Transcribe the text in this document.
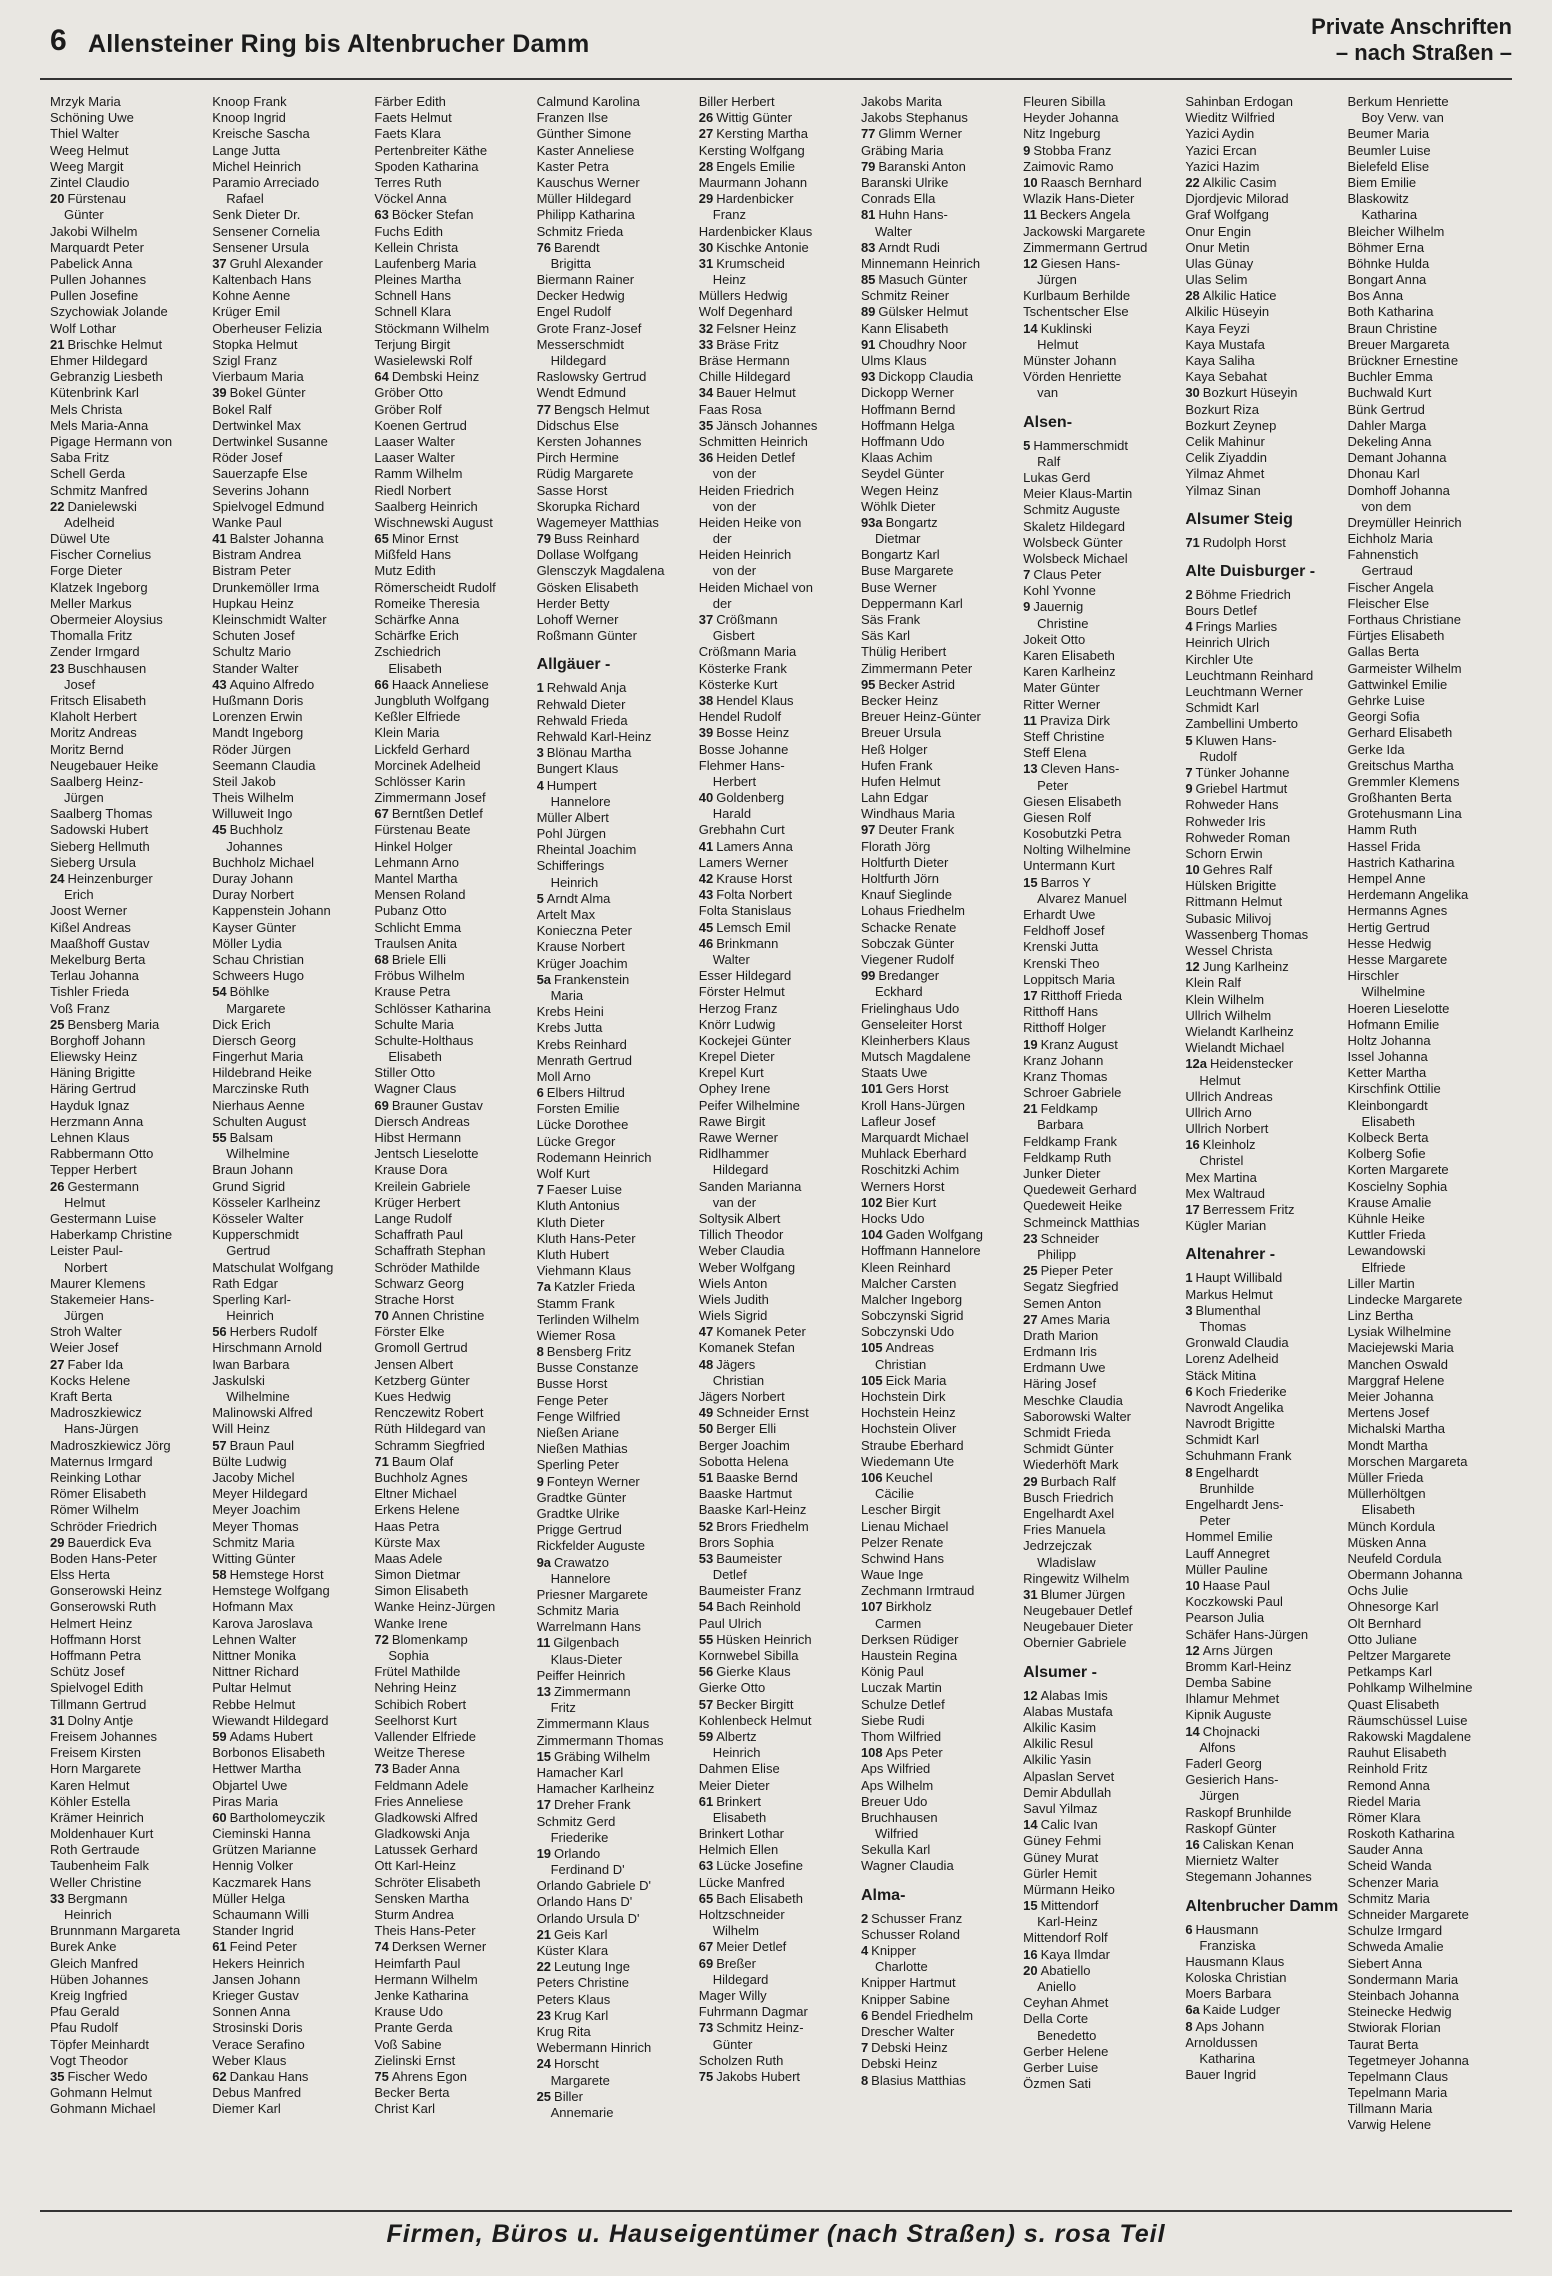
6 Allensteiner Ring bis Altenbrucher Damm
Private Anschriften
– nach Straßen –
Mrzyk Maria
Schöning Uwe
Thiel Walter
Weeg Helmut
Weeg Margit
Zintel Claudio
20 Fürstenau
Günter
Jakobi Wilhelm
Marquardt Peter
Pabelick Anna
Pullen Johannes
Pullen Josefine
Szychowiak Jolande
Wolf Lothar
21 Brischke Helmut
Ehmer Hildegard
Gebranzig Liesbeth
Kütenbrink Karl
Mels Christa
Mels Maria-Anna
Pigage Hermann von
Saba Fritz
Schell Gerda
Schmitz Manfred
22 Danielewski
Adelheid
Düwel Ute
Fischer Cornelius
Forge Dieter
Klatzek Ingeborg
Meller Markus
Obermeier Aloysius
Thomalla Fritz
Zender Irmgard
23 Buschhausen
Josef
Fritsch Elisabeth
Klaholt Herbert
Moritz Andreas
Moritz Bernd
Neugebauer Heike
Saalberg Heinz-
Jürgen
Saalberg Thomas
Sadowski Hubert
Sieberg Hellmuth
Sieberg Ursula
24 Heinzenburger
Erich
Joost Werner
Kißel Andreas
Maaßhoff Gustav
Mekelburg Berta
Terlau Johanna
Tishler Frieda
Voß Franz
25 Bensberg Maria
Borghoff Johann
Eliewsky Heinz
Häning Brigitte
Häring Gertrud
Hayduk Ignaz
Herzmann Anna
Lehnen Klaus
Rabbermann Otto
Tepper Herbert
26 Gestermann
Helmut
Gestermann Luise
Haberkamp Christine
Leister Paul-
Norbert
Maurer Klemens
Stakemeier Hans-
Jürgen
Stroh Walter
Weier Josef
27 Faber Ida
Kocks Helene
Kraft Berta
Madroszkiewicz
Hans-Jürgen
Madroszkiewicz Jörg
Maternus Irmgard
Reinking Lothar
Römer Elisabeth
Römer Wilhelm
Schröder Friedrich
29 Bauerdick Eva
Boden Hans-Peter
Elss Herta
Gonserowski Heinz
Gonserowski Ruth
Helmert Heinz
Hoffmann Horst
Hoffmann Petra
Schütz Josef
Spielvogel Edith
Tillmann Gertrud
31 Dolny Antje
Freisem Johannes
Freisem Kirsten
Horn Margarete
Karen Helmut
Köhler Estella
Krämer Heinrich
Moldenhauer Kurt
Roth Gertraude
Taubenheim Falk
Weller Christine
33 Bergmann
Heinrich
Brunnmann Margareta
Burek Anke
Gleich Manfred
Hüben Johannes
Kreig Ingfried
Pfau Gerald
Pfau Rudolf
Töpfer Meinhardt
Vogt Theodor
35 Fischer Wedo
Gohmann Helmut
Gohmann Michael
Knoop Frank
Knoop Ingrid
Kreische Sascha
Lange Jutta
Michel Heinrich
Paramio Arreciado
Rafael
Senk Dieter Dr.
Sensener Cornelia
Sensener Ursula
37 Gruhl Alexander
Kaltenbach Hans
Kohne Aenne
Krüger Emil
Oberheuser Felizia
Stopka Helmut
Szigl Franz
Vierbaum Maria
39 Bokel Günter
Bokel Ralf
Dertwinkel Max
Dertwinkel Susanne
Röder Josef
Sauerzapfe Else
Severins Johann
Spielvogel Edmund
Wanke Paul
41 Balster Johanna
Bistram Andrea
Bistram Peter
Drunkemöller Irma
Hupkau Heinz
Kleinschmidt Walter
Schuten Josef
Schultz Mario
Stander Walter
43 Aquino Alfredo
Hußmann Doris
Lorenzen Erwin
Mandt Ingeborg
Röder Jürgen
Seemann Claudia
Steil Jakob
Theis Wilhelm
Willuweit Ingo
45 Buchholz
Johannes
Buchholz Michael
Duray Johann
Duray Norbert
Kappenstein Johann
Kayser Günter
Möller Lydia
Schau Christian
Schweers Hugo
54 Böhlke
Margarete
Dick Erich
Diersch Georg
Fingerhut Maria
Hildebrand Heike
Marczinske Ruth
Nierhaus Aenne
Schulten August
55 Balsam
Wilhelmine
Braun Johann
Grund Sigrid
Kösseler Karlheinz
Kösseler Walter
Kupperschmidt
Gertrud
Matschulat Wolfgang
Rath Edgar
Sperling Karl-
Heinrich
56 Herbers Rudolf
Hirschmann Arnold
Iwan Barbara
Jaskulski
Wilhelmine
Malinowski Alfred
Will Heinz
57 Braun Paul
Bülte Ludwig
Jacoby Michel
Meyer Hildegard
Meyer Joachim
Meyer Thomas
Schmitz Maria
Witting Günter
58 Hemstege Horst
Hemstege Wolfgang
Hofmann Max
Karova Jaroslava
Lehnen Walter
Nittner Monika
Nittner Richard
Pultar Helmut
Rebbe Helmut
Wiewandt Hildegard
59 Adams Hubert
Borbonos Elisabeth
Hettwer Martha
Objartel Uwe
Piras Maria
60 Bartholomeyczik
Cieminski Hanna
Grützen Marianne
Hennig Volker
Kaczmarek Hans
Müller Helga
Schaumann Willi
Stander Ingrid
61 Feind Peter
Hekers Heinrich
Jansen Johann
Krieger Gustav
Sonnen Anna
Strosinski Doris
Verace Serafino
Weber Klaus
62 Dankau Hans
Debus Manfred
Diemer Karl
Färber Edith
Faets Helmut
Faets Klara
Pertenbreiter Käthe
Spoden Katharina
Terres Ruth
Vöckel Anna
63 Böcker Stefan
Fuchs Edith
Kellein Christa
Laufenberg Maria
Pleines Martha
Schnell Hans
Schnell Klara
Stöckmann Wilhelm
Terjung Birgit
Wasielewski Rolf
64 Dembski Heinz
Gröber Otto
Gröber Rolf
Koenen Gertrud
Laaser Walter
Laaser Walter
Ramm Wilhelm
Riedl Norbert
Saalberg Heinrich
Wischnewski August
65 Minor Ernst
Mißfeld Hans
Mutz Edith
Römerscheidt Rudolf
Romeike Theresia
Schärfke Anna
Schärfke Erich
Zschiedrich
Elisabeth
66 Haack Anneliese
Jungbluth Wolfgang
Keßler Elfriede
Klein Maria
Lickfeld Gerhard
Morcinek Adelheid
Schlösser Karin
Zimmermann Josef
67 Berntßen Detlef
Fürstenau Beate
Hinkel Holger
Lehmann Arno
Mantel Martha
Mensen Roland
Pubanz Otto
Schlicht Emma
Traulsen Anita
68 Briele Elli
Fröbus Wilhelm
Krause Petra
Schlösser Katharina
Schulte Maria
Schulte-Holthaus
Elisabeth
Stiller Otto
Wagner Claus
69 Brauner Gustav
Diersch Andreas
Hibst Hermann
Jentsch Lieselotte
Krause Dora
Kreilein Gabriele
Krüger Herbert
Lange Rudolf
Schaffrath Paul
Schaffrath Stephan
Schröder Mathilde
Schwarz Georg
Strache Horst
70 Annen Christine
Förster Elke
Gromoll Gertrud
Jensen Albert
Ketzberg Günter
Kues Hedwig
Renczewitz Robert
Rüth Hildegard van
Schramm Siegfried
71 Baum Olaf
Buchholz Agnes
Eltner Michael
Erkens Helene
Haas Petra
Kürste Max
Maas Adele
Simon Dietmar
Simon Elisabeth
Wanke Heinz-Jürgen
Wanke Irene
72 Blomenkamp
Sophia
Frütel Mathilde
Nehring Heinz
Schibich Robert
Seelhorst Kurt
Vallender Elfriede
Weitze Therese
73 Bader Anna
Feldmann Adele
Fries Anneliese
Gladkowski Alfred
Gladkowski Anja
Latussek Gerhard
Ott Karl-Heinz
Schröter Elisabeth
Sensken Martha
Sturm Andrea
Theis Hans-Peter
74 Derksen Werner
Heimfarth Paul
Hermann Wilhelm
Jenke Katharina
Krause Udo
Prante Gerda
Voß Sabine
Zielinski Ernst
75 Ahrens Egon
Becker Berta
Christ Karl
Calmund Karolina
Franzen Ilse
Günther Simone
Kaster Anneliese
Kaster Petra
Kauschus Werner
Müller Hildegard
Philipp Katharina
Schmitz Frieda
76 Barendt
Brigitta
Biermann Rainer
Decker Hedwig
Engel Rudolf
Grote Franz-Josef
Messerschmidt
Hildegard
Raslowsky Gertrud
Wendt Edmund
77 Bengsch Helmut
Didschus Else
Kersten Johannes
Pirch Hermine
Rüdig Margarete
Sasse Horst
Skorupka Richard
Wagemeyer Matthias
79 Buss Reinhard
Dollase Wolfgang
Glensczyk Magdalena
Gösken Elisabeth
Herder Betty
Lohoff Werner
Roßmann Günter
Allgäuer -
1 Rehwald Anja
Rehwald Dieter
Rehwald Frieda
Rehwald Karl-Heinz
3 Blönau Martha
Bungert Klaus
4 Humpert
Hannelore
Müller Albert
Pohl Jürgen
Rheintal Joachim
Schifferings
Heinrich
5 Arndt Alma
Artelt Max
Konieczna Peter
Krause Norbert
Krüger Joachim
5a Frankenstein
Maria
Krebs Heini
Krebs Jutta
Krebs Reinhard
Menrath Gertrud
Moll Arno
6 Elbers Hiltrud
Forsten Emilie
Lücke Dorothee
Lücke Gregor
Rodemann Heinrich
Wolf Kurt
7 Faeser Luise
Kluth Antonius
Kluth Dieter
Kluth Hans-Peter
Kluth Hubert
Viehmann Klaus
7a Katzler Frieda
Stamm Frank
Terlinden Wilhelm
Wiemer Rosa
8 Bensberg Fritz
Busse Constanze
Busse Horst
Fenge Peter
Fenge Wilfried
Nießen Ariane
Nießen Mathias
Sperling Peter
9 Fonteyn Werner
Gradtke Günter
Gradtke Ulrike
Prigge Gertrud
Rickfelder Auguste
9a Crawatzo
Hannelore
Priesner Margarete
Schmitz Maria
Warrelmann Hans
11 Gilgenbach
Klaus-Dieter
Peiffer Heinrich
13 Zimmermann
Fritz
Zimmermann Klaus
Zimmermann Thomas
15 Gräbing Wilhelm
Hamacher Karl
Hamacher Karlheinz
17 Dreher Frank
Schmitz Gerd
Friederike
19 Orlando
Ferdinand D'
Orlando Gabriele D'
Orlando Hans D'
Orlando Ursula D'
21 Geis Karl
Küster Klara
22 Leutung Inge
Peters Christine
Peters Klaus
23 Krug Karl
Krug Rita
Webermann Hinrich
24 Horscht
Margarete
25 Biller
Annemarie
Biller Herbert
26 Wittig Günter
27 Kersting Martha
Kersting Wolfgang
28 Engels Emilie
Maurmann Johann
29 Hardenbicker
Franz
Hardenbicker Klaus
30 Kischke Antonie
31 Krumscheid
Heinz
Müllers Hedwig
Wolf Degenhard
32 Felsner Heinz
33 Bräse Fritz
Bräse Hermann
Chille Hildegard
34 Bauer Helmut
Faas Rosa
35 Jänsch Johannes
Schmitten Heinrich
36 Heiden Detlef
von der
Heiden Friedrich
von der
Heiden Heike von
der
Heiden Heinrich
von der
Heiden Michael von
der
37 Crößmann
Gisbert
Crößmann Maria
Kösterke Frank
Kösterke Kurt
38 Hendel Klaus
Hendel Rudolf
39 Bosse Heinz
Bosse Johanne
Flehmer Hans-
Herbert
40 Goldenberg
Harald
Grebhahn Curt
41 Lamers Anna
Lamers Werner
42 Krause Horst
43 Folta Norbert
Folta Stanislaus
45 Lemsch Emil
46 Brinkmann
Walter
Esser Hildegard
Förster Helmut
Herzog Franz
Knörr Ludwig
Kockejei Günter
Krepel Dieter
Krepel Kurt
Ophey Irene
Peifer Wilhelmine
Rawe Birgit
Rawe Werner
Ridlhammer
Hildegard
Sanden Marianna
van der
Soltysik Albert
Tillich Theodor
Weber Claudia
Weber Wolfgang
Wiels Anton
Wiels Judith
Wiels Sigrid
47 Komanek Peter
Komanek Stefan
48 Jägers
Christian
Jägers Norbert
49 Schneider Ernst
50 Berger Elli
Berger Joachim
Sobotta Helena
51 Baaske Bernd
Baaske Hartmut
Baaske Karl-Heinz
52 Brors Friedhelm
Brors Sophia
53 Baumeister
Detlef
Baumeister Franz
54 Bach Reinhold
Paul Ulrich
55 Hüsken Heinrich
Kornwebel Sibilla
56 Gierke Klaus
Gierke Otto
57 Becker Birgitt
Kohlenbeck Helmut
59 Albertz
Heinrich
Dahmen Elise
Meier Dieter
61 Brinkert
Elisabeth
Brinkert Lothar
Helmich Ellen
63 Lücke Josefine
Lücke Manfred
65 Bach Elisabeth
Holtzschneider
Wilhelm
67 Meier Detlef
69 Breßer
Hildegard
Mager Willy
Fuhrmann Dagmar
73 Schmitz Heinz-
Günter
Scholzen Ruth
75 Jakobs Hubert
Jakobs Marita
Jakobs Stephanus
77 Glimm Werner
Gräbing Maria
79 Baranski Anton
Baranski Ulrike
Conrads Ella
81 Huhn Hans-
Walter
83 Arndt Rudi
Minnemann Heinrich
85 Masuch Günter
Schmitz Reiner
89 Gülsker Helmut
Kann Elisabeth
91 Choudhry Noor
Ulms Klaus
93 Dickopp Claudia
Dickopp Werner
Hoffmann Bernd
Hoffmann Helga
Hoffmann Udo
Klaas Achim
Seydel Günter
Wegen Heinz
Wöhlk Dieter
93a Bongartz
Dietmar
Bongartz Karl
Buse Margarete
Buse Werner
Deppermann Karl
Säs Frank
Säs Karl
Thülig Heribert
Zimmermann Peter
95 Becker Astrid
Becker Heinz
Breuer Heinz-Günter
Breuer Ursula
Heß Holger
Hufen Frank
Hufen Helmut
Lahn Edgar
Windhaus Maria
97 Deuter Frank
Florath Jörg
Holtfurth Dieter
Holtfurth Jörn
Knauf Sieglinde
Lohaus Friedhelm
Schacke Renate
Sobczak Günter
Viegener Rudolf
99 Bredanger
Eckhard
Frielinghaus Udo
Genseleiter Horst
Kleinherbers Klaus
Mutsch Magdalene
Staats Uwe
101 Gers Horst
Kroll Hans-Jürgen
Lafleur Josef
Marquardt Michael
Muhlack Eberhard
Roschitzki Achim
Werners Horst
102 Bier Kurt
Hocks Udo
104 Gaden Wolfgang
Hoffmann Hannelore
Kleen Reinhard
Malcher Carsten
Malcher Ingeborg
Sobczynski Sigrid
Sobczynski Udo
105 Andreas
Christian
105 Eick Maria
Hochstein Dirk
Hochstein Heinz
Hochstein Oliver
Straube Eberhard
Wiedemann Ute
106 Keuchel
Cäcilie
Lescher Birgit
Lienau Michael
Pelzer Renate
Schwind Hans
Waue Inge
Zechmann Irmtraud
107 Birkholz
Carmen
Derksen Rüdiger
Haustein Regina
König Paul
Luczak Martin
Schulze Detlef
Siebe Rudi
Thom Wilfried
108 Aps Peter
Aps Wilfried
Aps Wilhelm
Breuer Udo
Bruchhausen
Wilfried
Sekulla Karl
Wagner Claudia
Alma-
2 Schusser Franz
Schusser Roland
4 Knipper
Charlotte
Knipper Hartmut
Knipper Sabine
6 Bendel Friedhelm
Drescher Walter
7 Debski Heinz
Debski Heinz
8 Blasius Matthias
Fleuren Sibilla
Heyder Johanna
Nitz Ingeburg
9 Stobba Franz
Zaimovic Ramo
10 Raasch Bernhard
Wlazik Hans-Dieter
11 Beckers Angela
Jackowski Margarete
Zimmermann Gertrud
12 Giesen Hans-
Jürgen
Kurlbaum Berhilde
Tschentscher Else
14 Kuklinski
Helmut
Münster Johann
Vörden Henriette
van
Alsen-
5 Hammerschmidt
Ralf
Lukas Gerd
Meier Klaus-Martin
Schmitz Auguste
Skaletz Hildegard
Wolsbeck Günter
Wolsbeck Michael
7 Claus Peter
Kohl Yvonne
9 Jauernig
Christine
Jokeit Otto
Karen Elisabeth
Karen Karlheinz
Mater Günter
Ritter Werner
11 Praviza Dirk
Steff Christine
Steff Elena
13 Cleven Hans-
Peter
Giesen Elisabeth
Giesen Rolf
Kosobutzki Petra
Nolting Wilhelmine
Untermann Kurt
15 Barros Y
Alvarez Manuel
Erhardt Uwe
Feldhoff Josef
Krenski Jutta
Krenski Theo
Loppitsch Maria
17 Ritthoff Frieda
Ritthoff Hans
Ritthoff Holger
19 Kranz August
Kranz Johann
Kranz Thomas
Schroer Gabriele
21 Feldkamp
Barbara
Feldkamp Frank
Feldkamp Ruth
Junker Dieter
Quedeweit Gerhard
Quedeweit Heike
Schmeinck Matthias
23 Schneider
Philipp
25 Pieper Peter
Segatz Siegfried
Semen Anton
27 Ames Maria
Drath Marion
Erdmann Iris
Erdmann Uwe
Häring Josef
Meschke Claudia
Saborowski Walter
Schmidt Frieda
Schmidt Günter
Wiederhöft Mark
29 Burbach Ralf
Busch Friedrich
Engelhardt Axel
Fries Manuela
Jedrzejczak
Wladislaw
Ringewitz Wilhelm
31 Blumer Jürgen
Neugebauer Detlef
Neugebauer Dieter
Obernier Gabriele
Alsumer -
12 Alabas Imis
Alabas Mustafa
Alkilic Kasim
Alkilic Resul
Alkilic Yasin
Alpaslan Servet
Demir Abdullah
Savul Yilmaz
14 Calic Ivan
Güney Fehmi
Güney Murat
Gürler Hemit
Mürmann Heiko
15 Mittendorf
Karl-Heinz
Mittendorf Rolf
16 Kaya Ilmdar
20 Abatiello
Aniello
Ceyhan Ahmet
Della Corte
Benedetto
Gerber Helene
Gerber Luise
Özmen Sati
Sahinban Erdogan
Wieditz Wilfried
Yazici Aydin
Yazici Ercan
Yazici Hazim
22 Alkilic Casim
Djordjevic Milorad
Graf Wolfgang
Onur Engin
Onur Metin
Ulas Günay
Ulas Selim
28 Alkilic Hatice
Alkilic Hüseyin
Kaya Feyzi
Kaya Mustafa
Kaya Saliha
Kaya Sebahat
30 Bozkurt Hüseyin
Bozkurt Riza
Bozkurt Zeynep
Celik Mahinur
Celik Ziyaddin
Yilmaz Ahmet
Yilmaz Sinan
Alsumer Steig
71 Rudolph Horst
Alte Duisburger -
2 Böhme Friedrich
Bours Detlef
4 Frings Marlies
Heinrich Ulrich
Kirchler Ute
Leuchtmann Reinhard
Leuchtmann Werner
Schmidt Karl
Zambellini Umberto
5 Kluwen Hans-
Rudolf
7 Tünker Johanne
9 Griebel Hartmut
Rohweder Hans
Rohweder Iris
Rohweder Roman
Schorn Erwin
10 Gehres Ralf
Hülsken Brigitte
Rittmann Helmut
Subasic Milivoj
Wassenberg Thomas
Wessel Christa
12 Jung Karlheinz
Klein Ralf
Klein Wilhelm
Ullrich Wilhelm
Wielandt Karlheinz
Wielandt Michael
12a Heidenstecker
Helmut
Ullrich Andreas
Ullrich Arno
Ullrich Norbert
16 Kleinholz
Christel
Mex Martina
Mex Waltraud
17 Berressem Fritz
Kügler Marian
Altenahrer -
1 Haupt Willibald
Markus Helmut
3 Blumenthal
Thomas
Gronwald Claudia
Lorenz Adelheid
Stäck Mitina
6 Koch Friederike
Navrodt Angelika
Navrodt Brigitte
Schmidt Karl
Schuhmann Frank
8 Engelhardt
Brunhilde
Engelhardt Jens-
Peter
Hommel Emilie
Lauff Annegret
Müller Pauline
10 Haase Paul
Koczkowski Paul
Pearson Julia
Schäfer Hans-Jürgen
12 Arns Jürgen
Bromm Karl-Heinz
Demba Sabine
Ihlamur Mehmet
Kipnik Auguste
14 Chojnacki
Alfons
Faderl Georg
Gesierich Hans-
Jürgen
Raskopf Brunhilde
Raskopf Günter
16 Caliskan Kenan
Miernietz Walter
Stegemann Johannes
Altenbrucher Damm
6 Hausmann
Franziska
Hausmann Klaus
Koloska Christian
Moers Barbara
6a Kaide Ludger
8 Aps Johann
Arnoldussen
Katharina
Bauer Ingrid
Berkum Henriette
Boy Verw. van
Beumer Maria
Beumler Luise
Bielefeld Elise
Biem Emilie
Blaskowitz
Katharina
Bleicher Wilhelm
Böhmer Erna
Böhnke Hulda
Bongart Anna
Bos Anna
Both Katharina
Braun Christine
Breuer Margareta
Brückner Ernestine
Buchler Emma
Buchwald Kurt
Bünk Gertrud
Dahler Marga
Dekeling Anna
Demant Johanna
Dhonau Karl
Domhoff Johanna
von dem
Dreymüller Heinrich
Eichholz Maria
Fahnenstich
Gertraud
Fischer Angela
Fleischer Else
Forthaus Christiane
Fürtjes Elisabeth
Gallas Berta
Garmeister Wilhelm
Gattwinkel Emilie
Gehrke Luise
Georgi Sofia
Gerhard Elisabeth
Gerke Ida
Greitschus Martha
Gremmler Klemens
Großhanten Berta
Grotehusmann Lina
Hamm Ruth
Hassel Frida
Hastrich Katharina
Hempel Anne
Herdemann Angelika
Hermanns Agnes
Hertig Gertrud
Hesse Hedwig
Hesse Margarete
Hirschler
Wilhelmine
Hoeren Lieselotte
Hofmann Emilie
Holtz Johanna
Issel Johanna
Ketter Martha
Kirschfink Ottilie
Kleinbongardt
Elisabeth
Kolbeck Berta
Kolberg Sofie
Korten Margarete
Koscielny Sophia
Krause Amalie
Kühnle Heike
Kuttler Frieda
Lewandowski
Elfriede
Liller Martin
Lindecke Margarete
Linz Bertha
Lysiak Wilhelmine
Maciejewski Maria
Manchen Oswald
Marggraf Helene
Meier Johanna
Mertens Josef
Michalski Martha
Mondt Martha
Morschen Margareta
Müller Frieda
Müllerhöltgen
Elisabeth
Münch Kordula
Müsken Anna
Neufeld Cordula
Obermann Johanna
Ochs Julie
Ohnesorge Karl
Olt Bernhard
Otto Juliane
Peltzer Margarete
Petkamps Karl
Pohlkamp Wilhelmine
Quast Elisabeth
Räumschüssel Luise
Rakowski Magdalene
Rauhut Elisabeth
Reinhold Fritz
Remond Anna
Riedel Maria
Römer Klara
Roskoth Katharina
Sauder Anna
Scheid Wanda
Schenzer Maria
Schmitz Maria
Schneider Margarete
Schulze Irmgard
Schweda Amalie
Siebert Anna
Sondermann Maria
Steinbach Johanna
Steinecke Hedwig
Stwiorak Florian
Taurat Berta
Tegetmeyer Johanna
Tepelmann Claus
Tepelmann Maria
Tillmann Maria
Varwig Helene
Firmen, Büros u. Hauseigentümer (nach Straßen) s. rosa Teil
